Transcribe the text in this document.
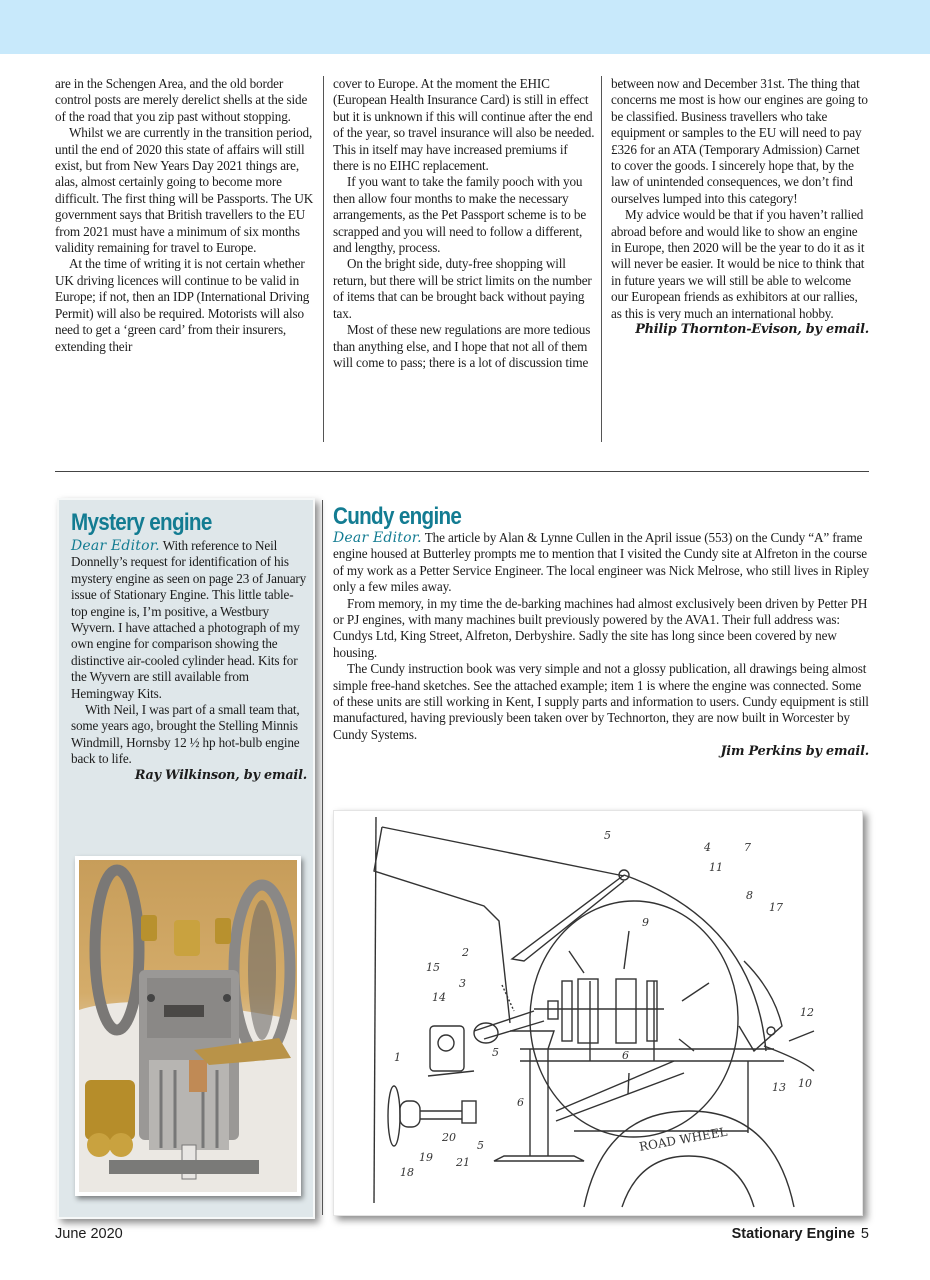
are in the Schengen Area, and the old border control posts are merely derelict shells at the side of the road that you zip past without stopping.

Whilst we are currently in the transition period, until the end of 2020 this state of affairs will still exist, but from New Years Day 2021 things are, alas, almost certainly going to become more difficult. The first thing will be Passports. The UK government says that British travellers to the EU from 2021 must have a minimum of six months validity remaining for travel to Europe.

At the time of writing it is not certain whether UK driving licences will continue to be valid in Europe; if not, then an IDP (International Driving Permit) will also be required. Motorists will also need to get a ‘green card’ from their insurers, extending their

cover to Europe. At the moment the EHIC (European Health Insurance Card) is still in effect but it is unknown if this will continue after the end of the year, so travel insurance will also be needed. This in itself may have increased premiums if there is no EIHC replacement.

If you want to take the family pooch with you then allow four months to make the necessary arrangements, as the Pet Passport scheme is to be scrapped and you will need to follow a different, and lengthy, process.

On the bright side, duty-free shopping will return, but there will be strict limits on the number of items that can be brought back without paying tax.

Most of these new regulations are more tedious than anything else, and I hope that not all of them will come to pass; there is a lot of discussion time

between now and December 31st. The thing that concerns me most is how our engines are going to be classified. Business travellers who take equipment or samples to the EU will need to pay £326 for an ATA (Temporary Admission) Carnet to cover the goods. I sincerely hope that, by the law of unintended consequences, we don’t find ourselves lumped into this category!

My advice would be that if you haven’t rallied abroad before and would like to show an engine in Europe, then 2020 will be the year to do it as it will never be easier. It would be nice to think that in future years we will still be able to welcome our European friends as exhibitors at our rallies, as this is very much an international hobby.

Philip Thornton-Evison, by email.

Mystery engine

Dear Editor. With reference to Neil Donnelly’s request for identification of his mystery engine as seen on page 23 of January issue of Stationary Engine. This little table-top engine is, I’m positive, a Westbury Wyvern. I have attached a photograph of my own engine for comparison showing the distinctive air-cooled cylinder head. Kits for the Wyvern are still available from Hemingway Kits.

With Neil, I was part of a small team that, some years ago, brought the Stelling Minnis Windmill, Hornsby 12 ½ hp hot-bulb engine back to life.

Ray Wilkinson, by email.

Cundy engine

Dear Editor. The article by Alan & Lynne Cullen in the April issue (553) on the Cundy “A” frame engine housed at Butterley prompts me to mention that I visited the Cundy site at Alfreton in the course of my work as a Petter Service Engineer. The local engineer was Nick Melrose, who still lives in Ripley only a few miles away.

From memory, in my time the de-barking machines had almost exclusively been driven by Petter PH or PJ engines, with many machines built previously powered by the AVA1. Their full address was: Cundys Ltd, King Street, Alfreton, Derbyshire. Sadly the site has long since been covered by new housing.

The Cundy instruction book was very simple and not a glossy publication, all drawings being almost simple free-hand sketches. See the attached example; item 1 is where the engine was connected. Some of these units are still working in Kent, I supply parts and information to users. Cundy equipment is still manufactured, having previously been taken over by Technorton, they are now built in Worcester by Cundy Systems.

Jim Perkins by email.

ROAD WHEEL
1
2
3
4
5
5
5
6
6
7
8
9
10
11
12
13
14
15
17
18
19
20
21
June 2020	Stationary Engine 5
